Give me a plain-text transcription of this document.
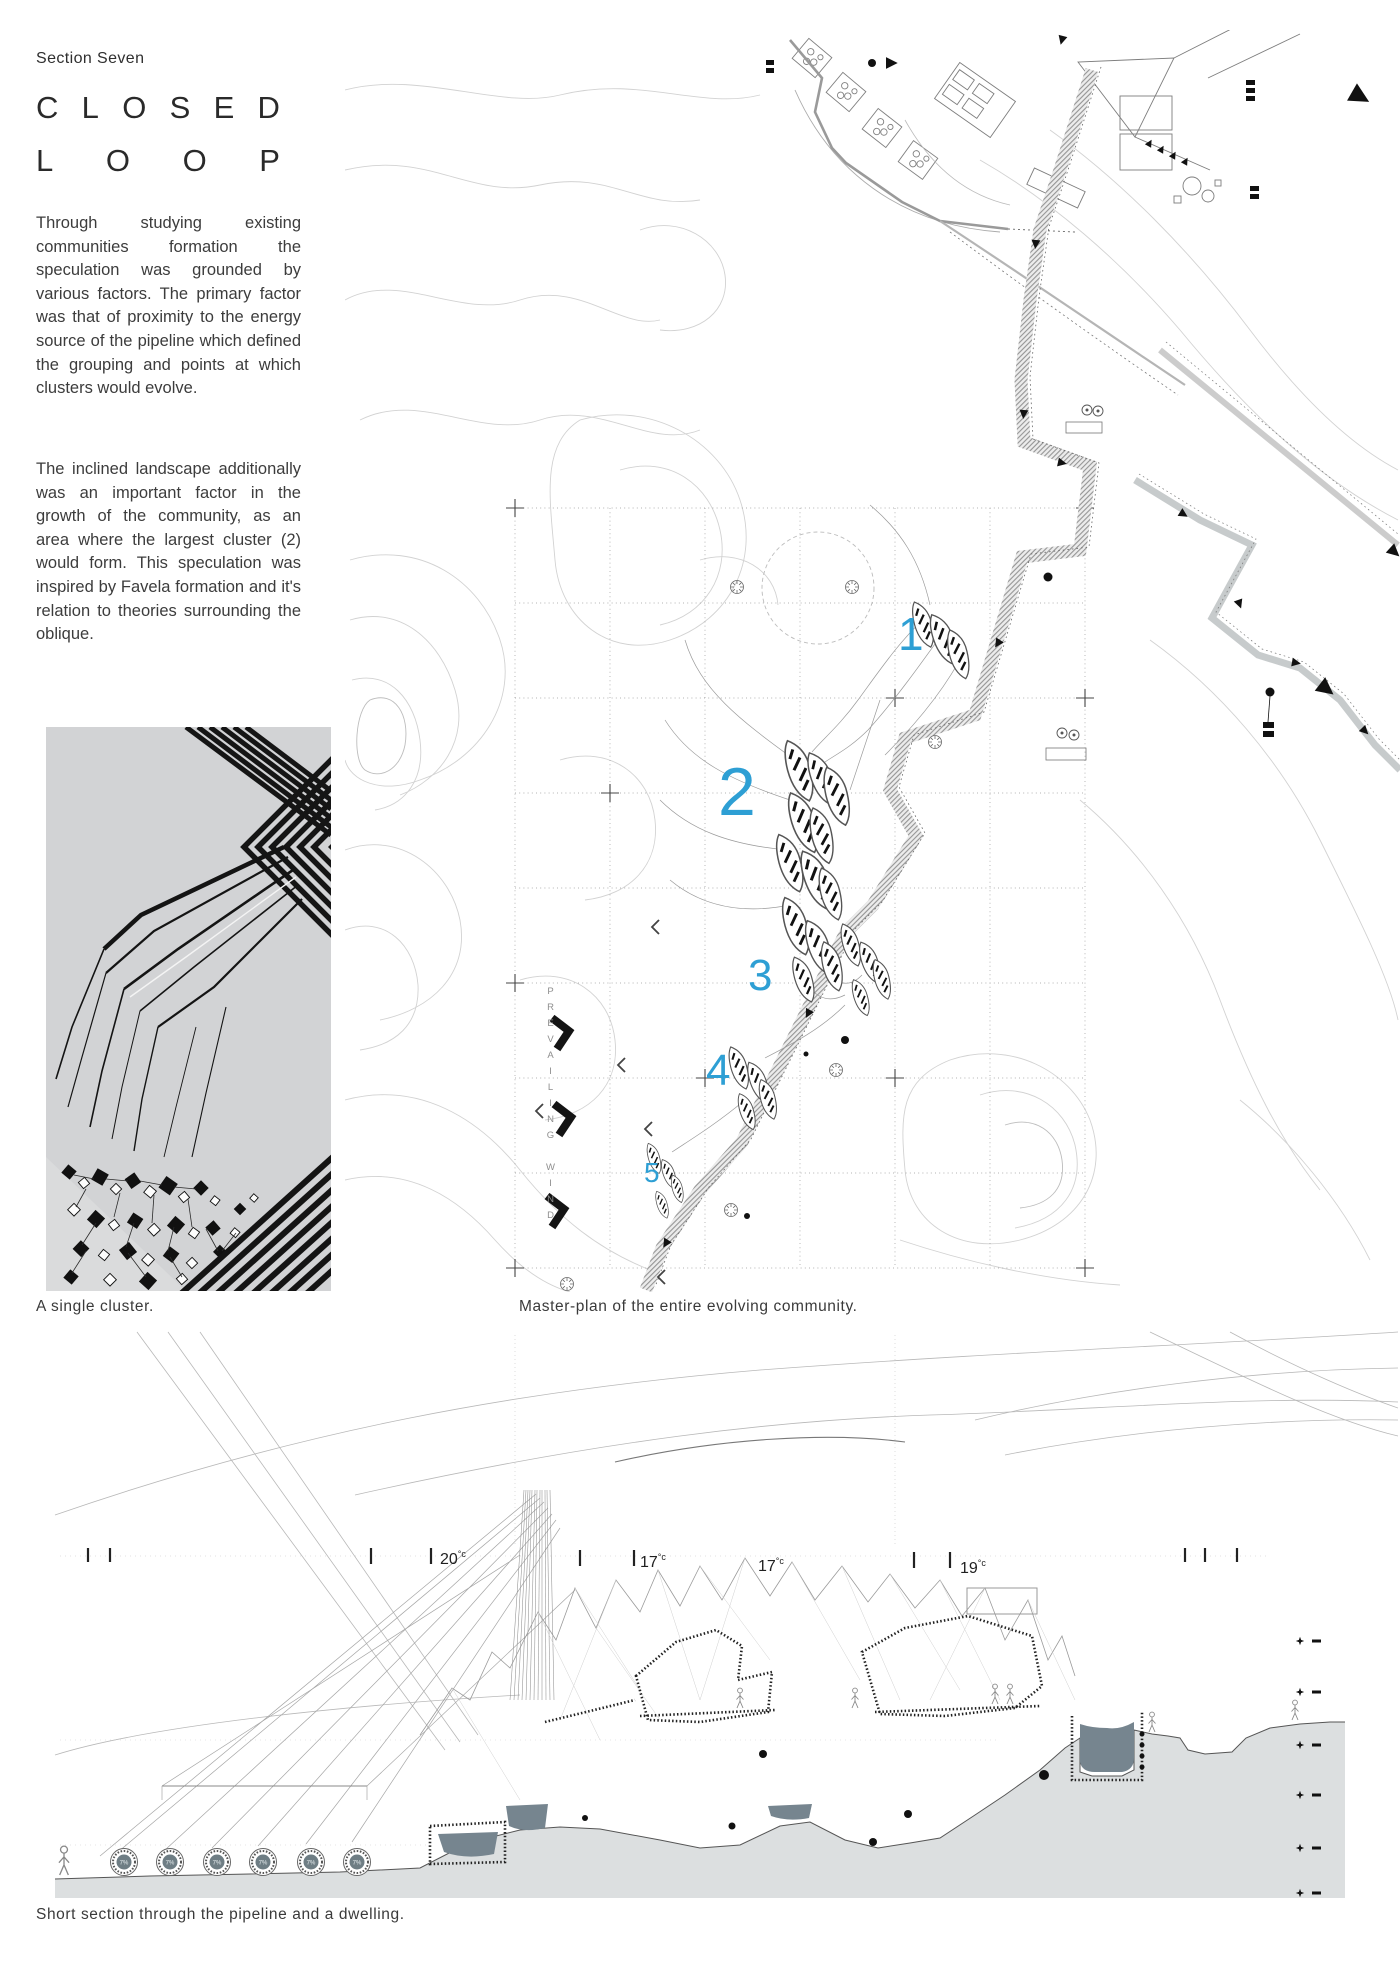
Section Seven
C L O S E D
L O O P

Through studying existing communities formation the speculation was grounded by various factors. The primary factor was that of proximity to the energy source of the pipeline which defined the grouping and points at which clusters would evolve.

The inclined landscape additionally was an important factor in the growth of the community, as an area where the largest cluster (2) would form. This speculation was inspired by Favela formation and it's relation to theories surrounding the oblique.

A single cluster.
1
2
3
4
5
PREVAILING WIND
Master-plan of the entire evolving community.
7%	7%	7%	7%	7%	7%
$20^{^\circ c}$	$17^{^\circ c}$
$17^{^\circ c}$	$19^{^\circ c}$
Short section through the pipeline and a dwelling.
